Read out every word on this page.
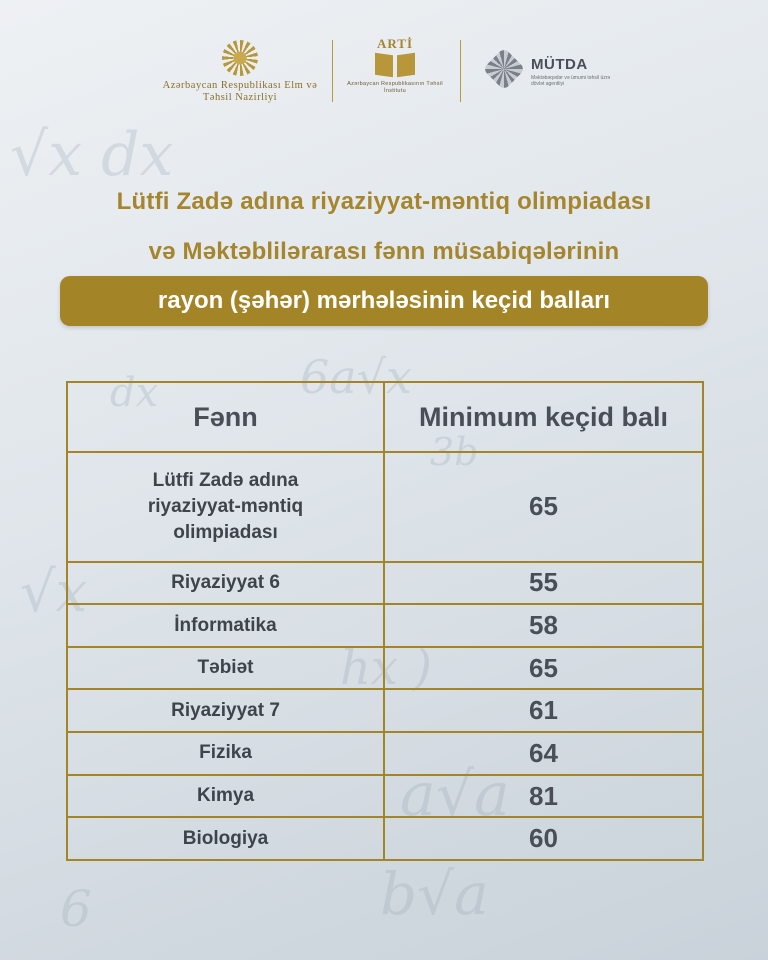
√x dx
6a√x
dx
3b
√x
hx )
a√a
b√a
6
Azərbaycan Respublikası Elm və Təhsil Nazirliyi
ARTİ
Azərbaycan Respublikasının Təhsil İnstitutu
MÜTDA
Məktəbəqədər və ümumi təhsil üzrə dövlət agentliyi
Lütfi Zadə adına riyaziyyat-məntiq olimpiadası
və Məktəblilərarası fənn müsabiqələrinin
rayon (şəhər) mərhələsinin keçid balları
Fənn	Minimum keçid balı

Lütfi Zadə adına riyaziyyat-məntiq olimpiadası	65
Riyaziyyat 6	55
İnformatika	58
Təbiət	65
Riyaziyyat 7	61
Fizika	64
Kimya	81
Biologiya	60
